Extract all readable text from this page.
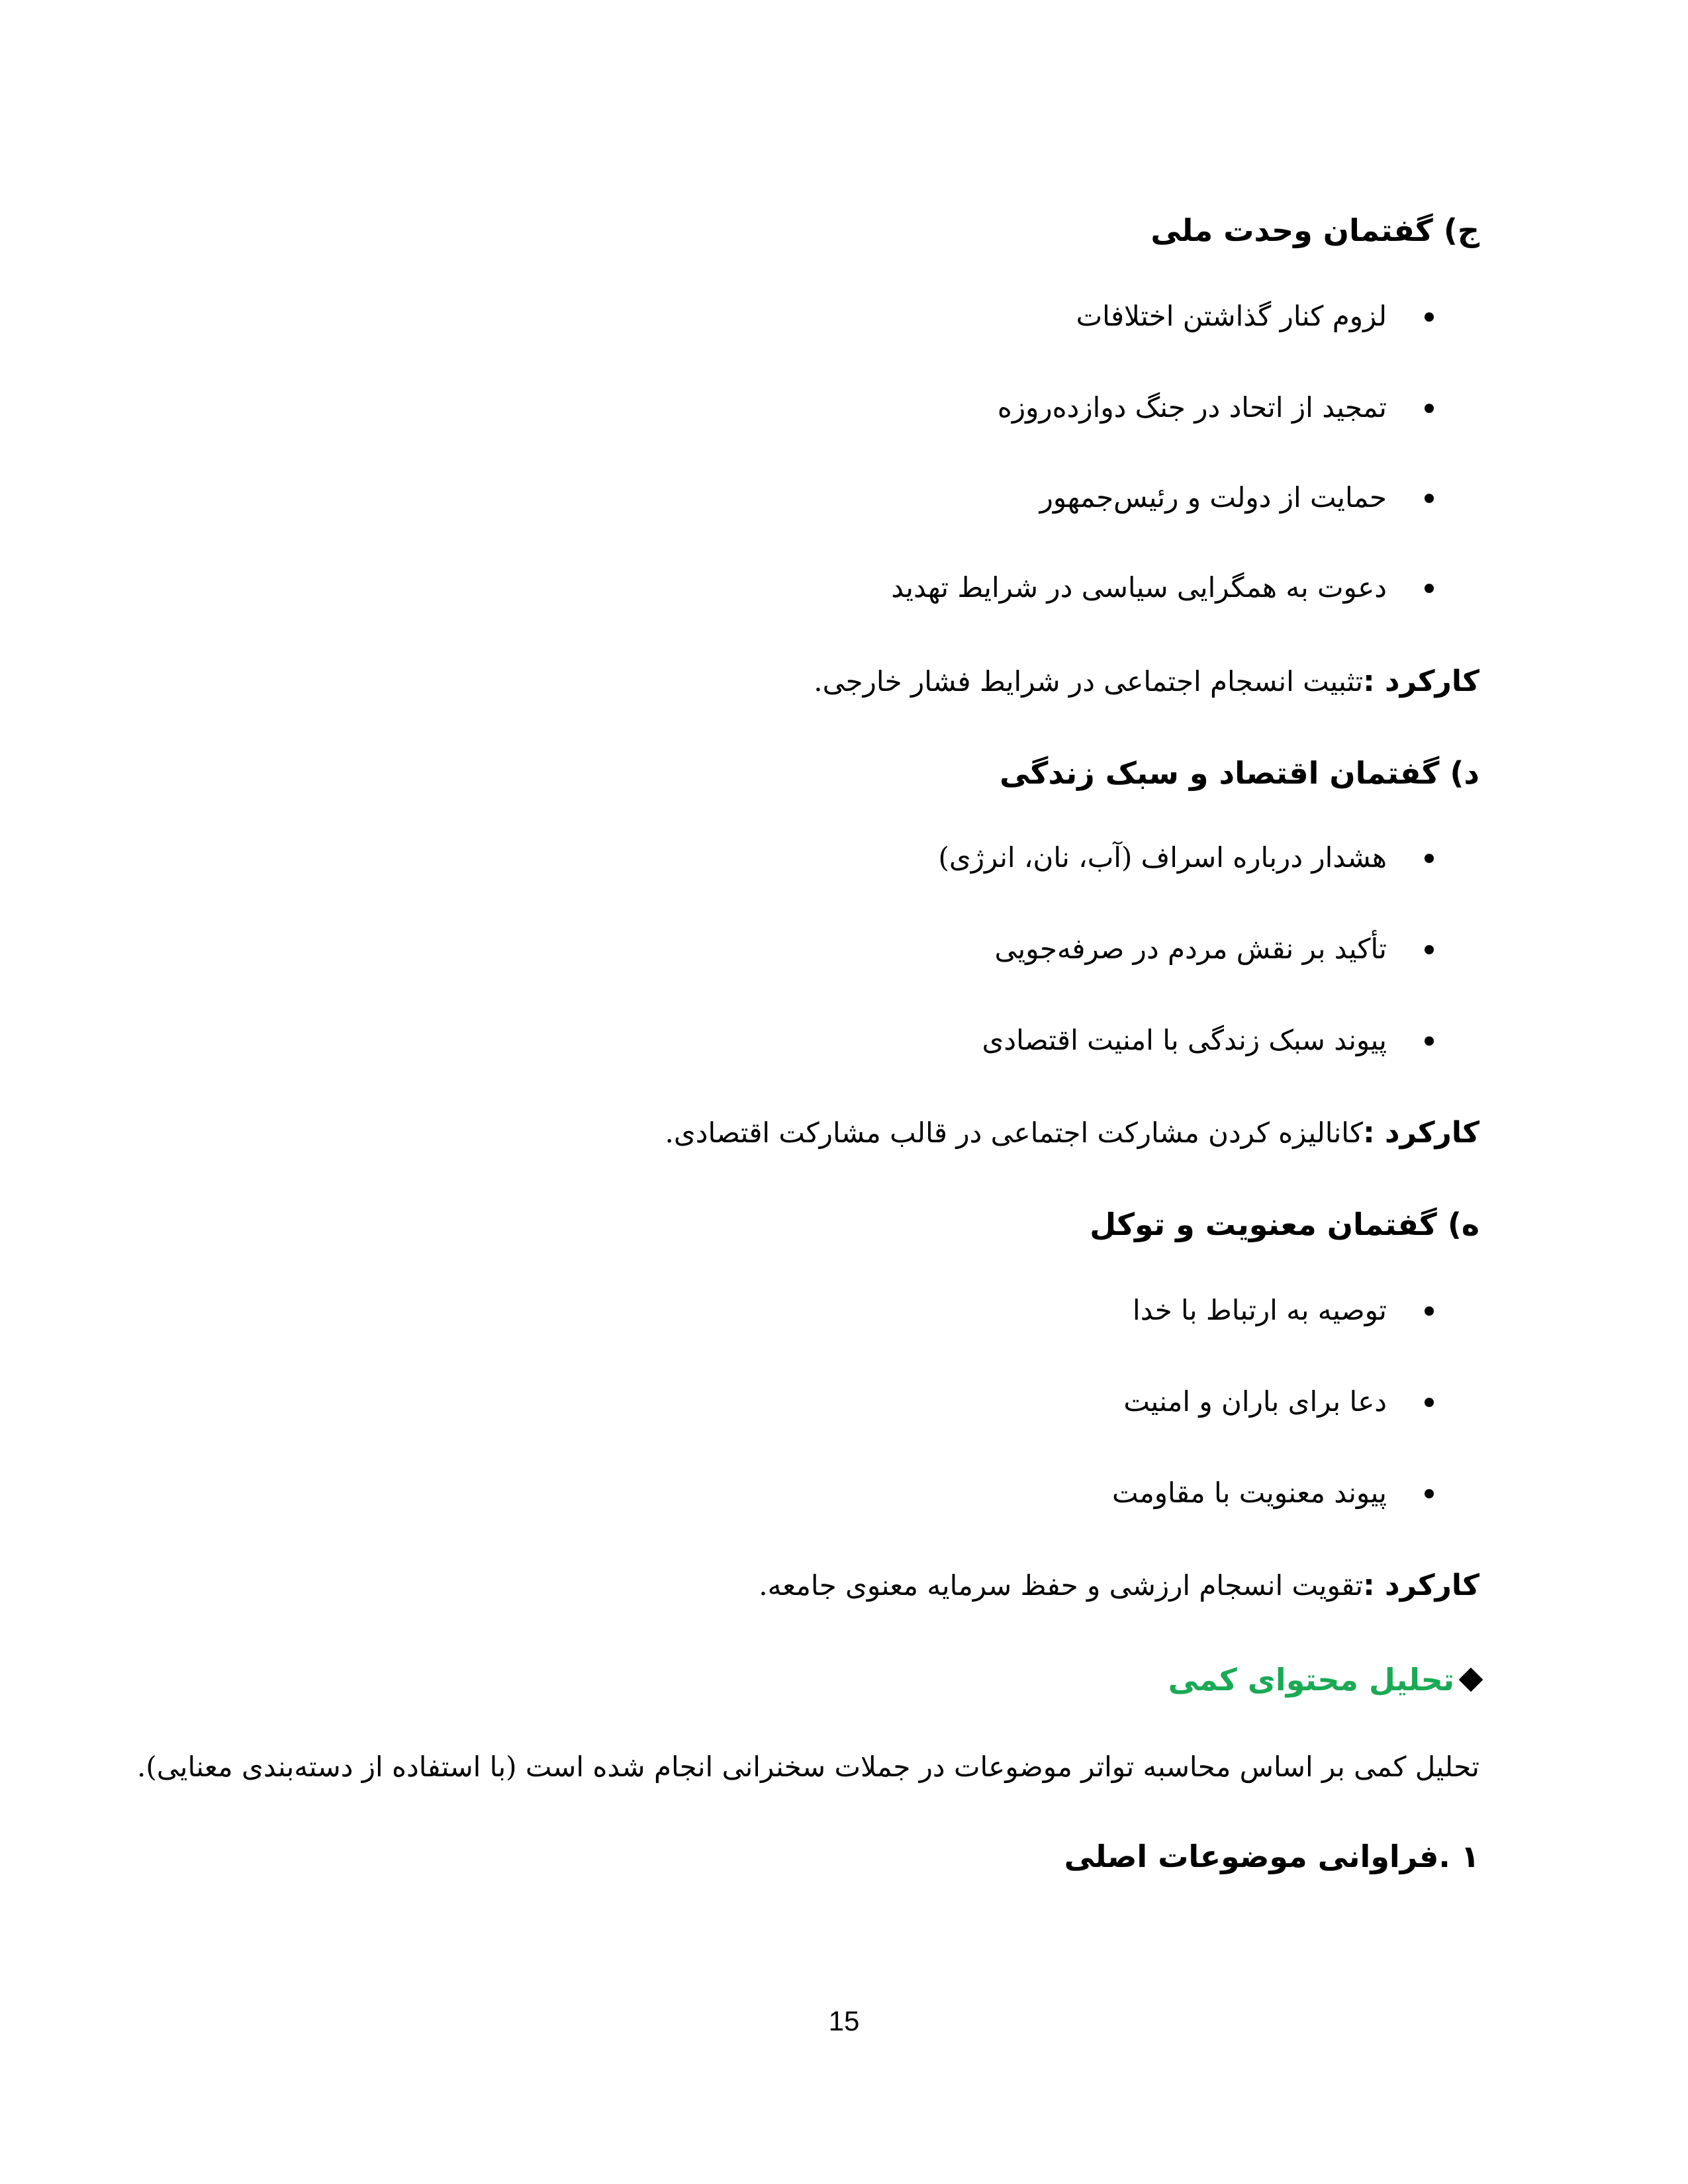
ج) گفتمان وحدت ملی
لزوم کنار گذاشتن اختلافات
تمجید از اتحاد در جنگ دوازده‌روزه
حمایت از دولت و رئیس‌جمهور
دعوت به همگرایی سیاسی در شرایط تهدید
کارکرد :تثبیت انسجام اجتماعی در شرایط فشار خارجی.
د) گفتمان اقتصاد و سبک زندگی
هشدار درباره اسراف (آب، نان، انرژی)
تأکید بر نقش مردم در صرفه‌جویی
پیوند سبک زندگی با امنیت اقتصادی
کارکرد :کانالیزه کردن مشارکت اجتماعی در قالب مشارکت اقتصادی.
ه) گفتمان معنویت و توکل
توصیه به ارتباط با خدا
دعا برای باران و امنیت
پیوند معنویت با مقاومت
کارکرد :تقویت انسجام ارزشی و حفظ سرمایه معنوی جامعه.
تحلیل محتوای کمی
تحلیل کمی بر اساس محاسبه تواتر موضوعات در جملات سخنرانی انجام شده است (با استفاده از دسته‌بندی معنایی).
۱ .فراوانی موضوعات اصلی
15
